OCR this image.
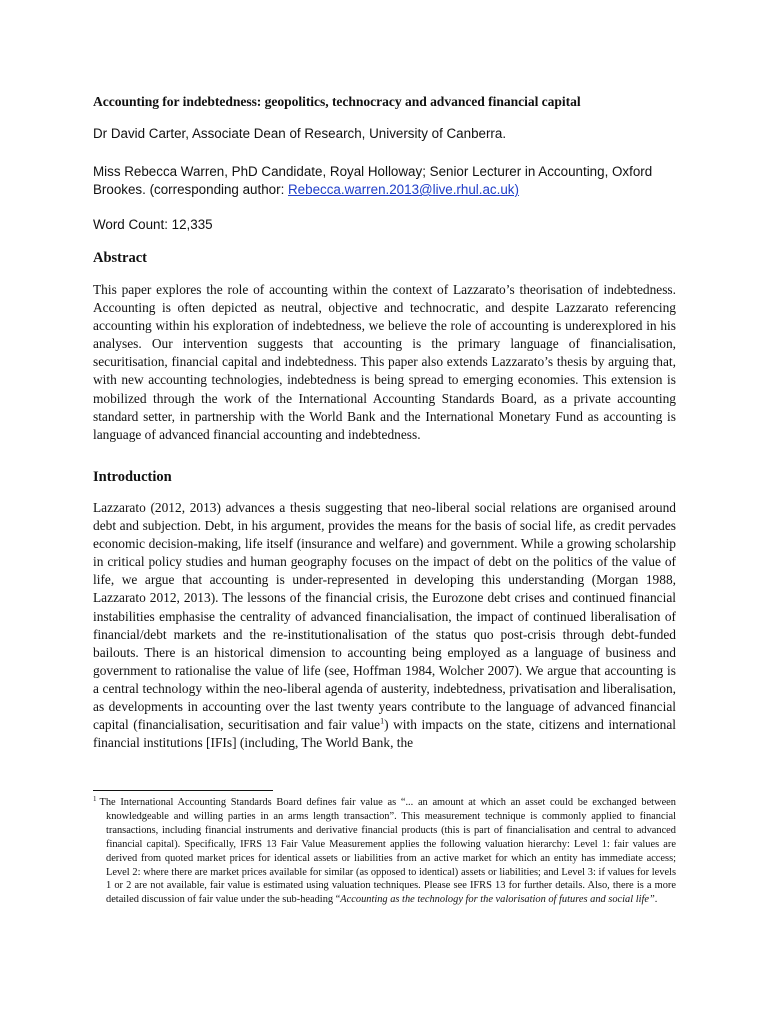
Accounting for indebtedness: geopolitics, technocracy and advanced financial capital
Dr David Carter, Associate Dean of Research, University of Canberra.
Miss Rebecca Warren, PhD Candidate, Royal Holloway; Senior Lecturer in Accounting, Oxford Brookes. (corresponding author: Rebecca.warren.2013@live.rhul.ac.uk)
Word Count: 12,335
Abstract
This paper explores the role of accounting within the context of Lazzarato’s theorisation of indebtedness. Accounting is often depicted as neutral, objective and technocratic, and despite Lazzarato referencing accounting within his exploration of indebtedness, we believe the role of accounting is underexplored in his analyses. Our intervention suggests that accounting is the primary language of financialisation, securitisation, financial capital and indebtedness. This paper also extends Lazzarato’s thesis by arguing that, with new accounting technologies, indebtedness is being spread to emerging economies. This extension is mobilized through the work of the International Accounting Standards Board, as a private accounting standard setter, in partnership with the World Bank and the International Monetary Fund as accounting is language of advanced financial accounting and indebtedness.
Introduction
Lazzarato (2012, 2013) advances a thesis suggesting that neo-liberal social relations are organised around debt and subjection. Debt, in his argument, provides the means for the basis of social life, as credit pervades economic decision-making, life itself (insurance and welfare) and government. While a growing scholarship in critical policy studies and human geography focuses on the impact of debt on the politics of the value of life, we argue that accounting is under-represented in developing this understanding (Morgan 1988, Lazzarato 2012, 2013). The lessons of the financial crisis, the Eurozone debt crises and continued financial instabilities emphasise the centrality of advanced financialisation, the impact of continued liberalisation of financial/debt markets and the re-institutionalisation of the status quo post-crisis through debt-funded bailouts. There is an historical dimension to accounting being employed as a language of business and government to rationalise the value of life (see, Hoffman 1984, Wolcher 2007). We argue that accounting is a central technology within the neo-liberal agenda of austerity, indebtedness, privatisation and liberalisation, as developments in accounting over the last twenty years contribute to the language of advanced financial capital (financialisation, securitisation and fair value$^1$) with impacts on the state, citizens and international financial institutions [IFIs] (including, The World Bank, the
$^1$ The International Accounting Standards Board defines fair value as “... an amount at which an asset could be exchanged between knowledgeable and willing parties in an arms length transaction”. This measurement technique is commonly applied to financial transactions, including financial instruments and derivative financial products (this is part of financialisation and central to advanced financial capital). Specifically, IFRS 13 Fair Value Measurement applies the following valuation hierarchy: Level 1: fair values are derived from quoted market prices for identical assets or liabilities from an active market for which an entity has immediate access; Level 2: where there are market prices available for similar (as opposed to identical) assets or liabilities; and Level 3: if values for levels 1 or 2 are not available, fair value is estimated using valuation techniques. Please see IFRS 13 for further details. Also, there is a more detailed discussion of fair value under the sub-heading “Accounting as the technology for the valorisation of futures and social life”.
